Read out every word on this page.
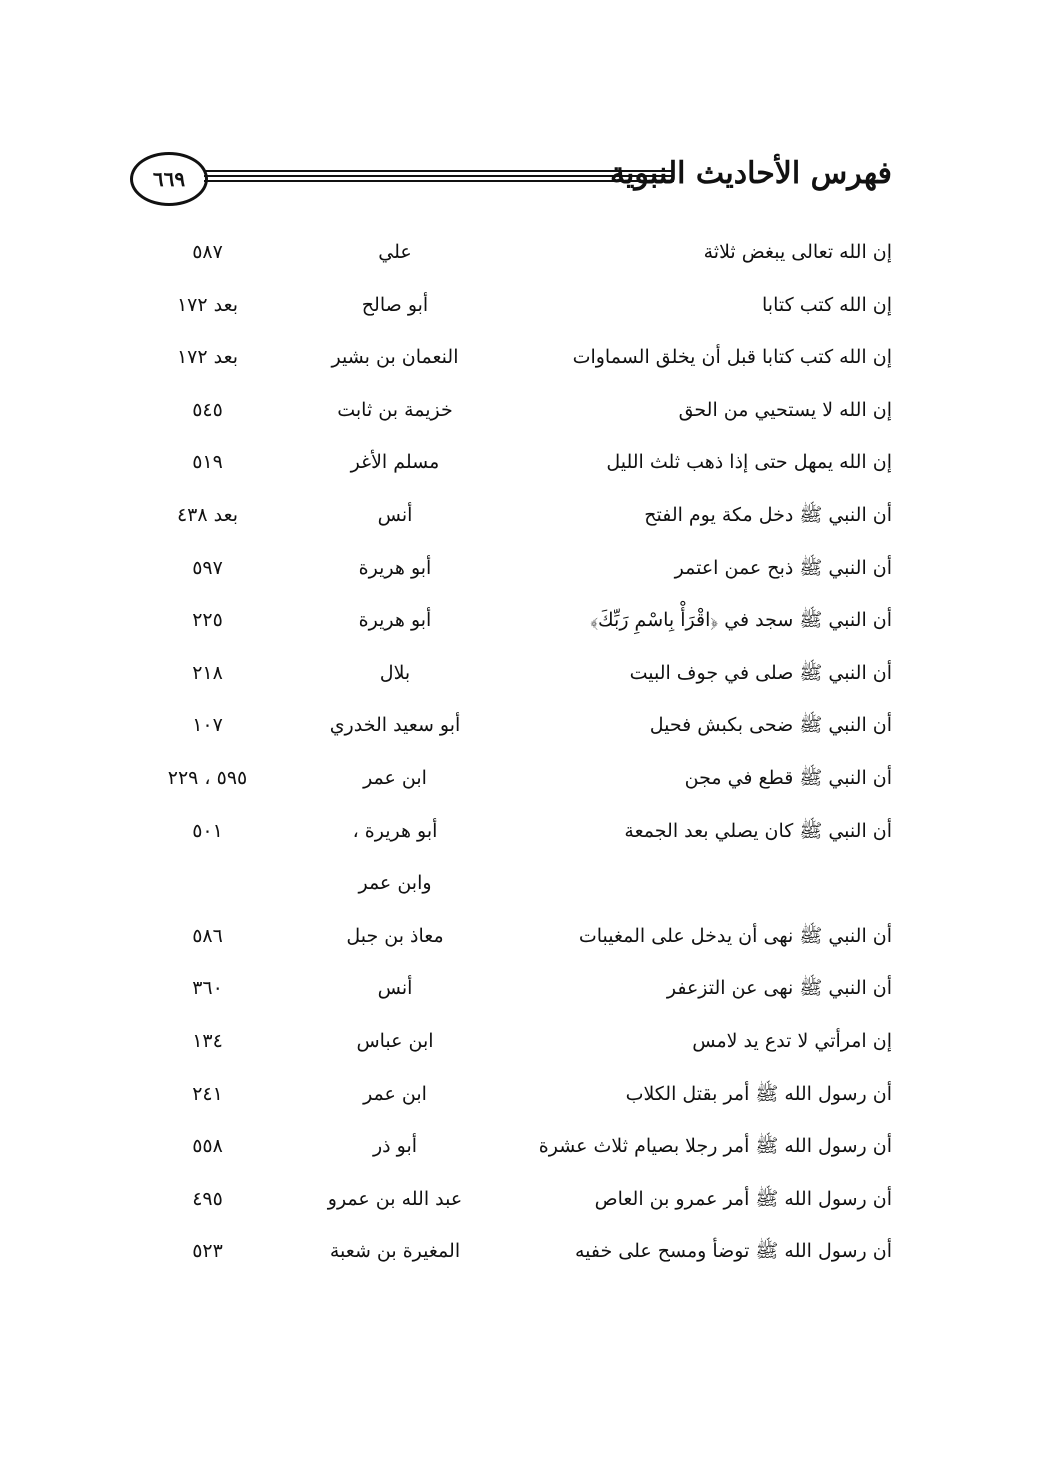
٦٦٩	فهرس الأحاديث النبوية
إن الله تعالى يبغض ثلاثة
علي
٥٨٧
إن الله كتب كتابا
أبو صالح
بعد ١٧٢
إن الله كتب كتابا قبل أن يخلق السماوات
النعمان بن بشير
بعد ١٧٢
إن الله لا يستحيي من الحق
خزيمة بن ثابت
٥٤٥
إن الله يمهل حتى إذا ذهب ثلث الليل
مسلم الأغر
٥١٩
أن النبي ﷺ دخل مكة يوم الفتح
أنس
بعد ٤٣٨
أن النبي ﷺ ذبح عمن اعتمر
أبو هريرة
٥٩٧
أن النبي ﷺ سجد في ﴿اقْرَأْ بِاسْمِ رَبِّكَ﴾
أبو هريرة
٢٢٥
أن النبي ﷺ صلى في جوف البيت
بلال
٢١٨
أن النبي ﷺ ضحى بكبش فحيل
أبو سعيد الخدري
١٠٧
أن النبي ﷺ قطع في مجن
ابن عمر
٥٩٥ ، ٢٢٩
أن النبي ﷺ كان يصلي بعد الجمعة
أبو هريرة ،
٥٠١
وابن عمر
أن النبي ﷺ نهى أن يدخل على المغيبات
معاذ بن جبل
٥٨٦
أن النبي ﷺ نهى عن التزعفر
أنس
٣٦٠
إن امرأتي لا تدع يد لامس
ابن عباس
١٣٤
أن رسول الله ﷺ أمر بقتل الكلاب
ابن عمر
٢٤١
أن رسول الله ﷺ أمر رجلا بصيام ثلاث عشرة
أبو ذر
٥٥٨
أن رسول الله ﷺ أمر عمرو بن العاص
عبد الله بن عمرو
٤٩٥
أن رسول الله ﷺ توضأ ومسح على خفيه
المغيرة بن شعبة
٥٢٣
